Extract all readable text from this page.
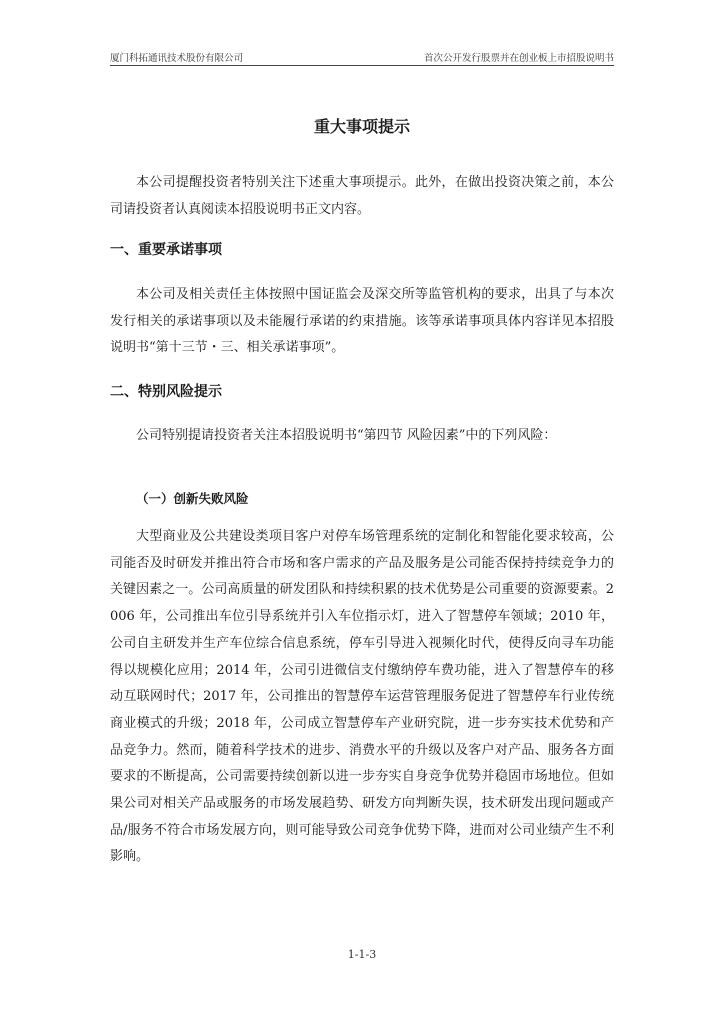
厦门科拓通讯技术股份有限公司	首次公开发行股票并在创业板上市招股说明书
重大事项提示

本公司提醒投资者特别关注下述重大事项提示。此外，在做出投资决策之前，本公司请投资者认真阅读本招股说明书正文内容。

一、重要承诺事项

本公司及相关责任主体按照中国证监会及深交所等监管机构的要求，出具了与本次发行相关的承诺事项以及未能履行承诺的约束措施。该等承诺事项具体内容详见本招股说明书“第十三节・三、相关承诺事项”。

二、特别风险提示

公司特别提请投资者关注本招股说明书“第四节 风险因素”中的下列风险：

（一）创新失败风险

大型商业及公共建设类项目客户对停车场管理系统的定制化和智能化要求较高，公司能否及时研发并推出符合市场和客户需求的产品及服务是公司能否保持持续竞争力的关键因素之一。公司高质量的研发团队和持续积累的技术优势是公司重要的资源要素。2006 年，公司推出车位引导系统并引入车位指示灯，进入了智慧停车领域；2010 年，公司自主研发并生产车位综合信息系统，停车引导进入视频化时代，使得反向寻车功能得以规模化应用；2014 年，公司引进微信支付缴纳停车费功能，进入了智慧停车的移动互联网时代；2017 年，公司推出的智慧停车运营管理服务促进了智慧停车行业传统商业模式的升级；2018 年，公司成立智慧停车产业研究院，进一步夯实技术优势和产品竞争力。然而，随着科学技术的进步、消费水平的升级以及客户对产品、服务各方面要求的不断提高，公司需要持续创新以进一步夯实自身竞争优势并稳固市场地位。但如果公司对相关产品或服务的市场发展趋势、研发方向判断失误，技术研发出现问题或产品/服务不符合市场发展方向，则可能导致公司竞争优势下降，进而对公司业绩产生不利影响。

1-1-3
